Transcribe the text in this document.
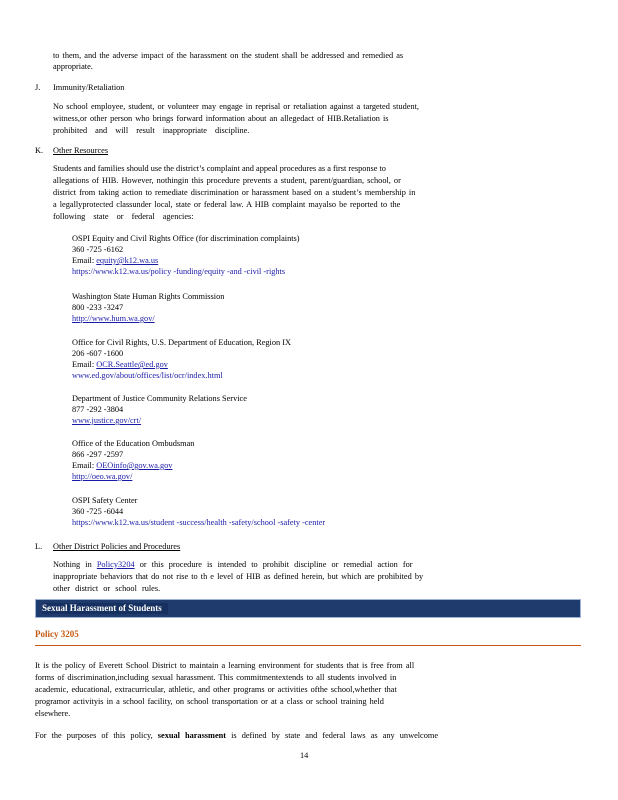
to them, and the adverse impact of the harassment on the student shall be addressed and remedied as
appropriate.
J. Immunity/Retaliation
No school employee, student, or volunteer may engage in reprisal or retaliation against a targeted student,
witness,or other person who brings forward information about an allegedact of HIB.Retaliation is
prohibited and will result inappropriate discipline.
K. Other Resources
Students and families should use the district’s complaint and appeal procedures as a first response to
allegations of HIB. However, nothingin this procedure prevents a student, parent/guardian, school, or
district from taking action to remediate discrimination or harassment based on a student’s membership in
a legallyprotected classunder local, state or federal law. A HIB complaint mayalso be reported to the
following state or federal agencies:
OSPI Equity and Civil Rights Office (for discrimination complaints)
360 -725 -6162
Email: equity@k12.wa.us
https://www.k12.wa.us/policy -funding/equity -and -civil -rights
Washington State Human Rights Commission
800 -233 -3247
http://www.hum.wa.gov/
Office for Civil Rights, U.S. Department of Education, Region IX
206 -607 -1600
Email: OCR.Seattle@ed.gov
www.ed.gov/about/offices/list/ocr/index.html
Department of Justice Community Relations Service
877 -292 -3804
www.justice.gov/crt/
Office of the Education Ombudsman
866 -297 -2597
Email: OEOinfo@gov.wa.gov
http://oeo.wa.gov/
OSPI Safety Center
360 -725 -6044
https://www.k12.wa.us/student -success/health -safety/school -safety -center
L. Other District Policies and Procedures
Nothing in Policy3204 or this procedure is intended to prohibit discipline or remedial action for
inappropriate behaviors that do not rise to th e level of HIB as defined herein, but which are prohibited by
other district or school rules.
Sexual Harassment of Students
Policy 3205
It is the policy of Everett School District to maintain a learning environment for students that is free from all
forms of discrimination,including sexual harassment. This commitmentextends to all students involved in
academic, educational, extracurricular, athletic, and other programs or activities ofthe school,whether that
programor activityis in a school facility, on school transportation or at a class or school training held
elsewhere.
For the purposes of this policy, sexual harassment is defined by state and federal laws as any unwelcome
14
